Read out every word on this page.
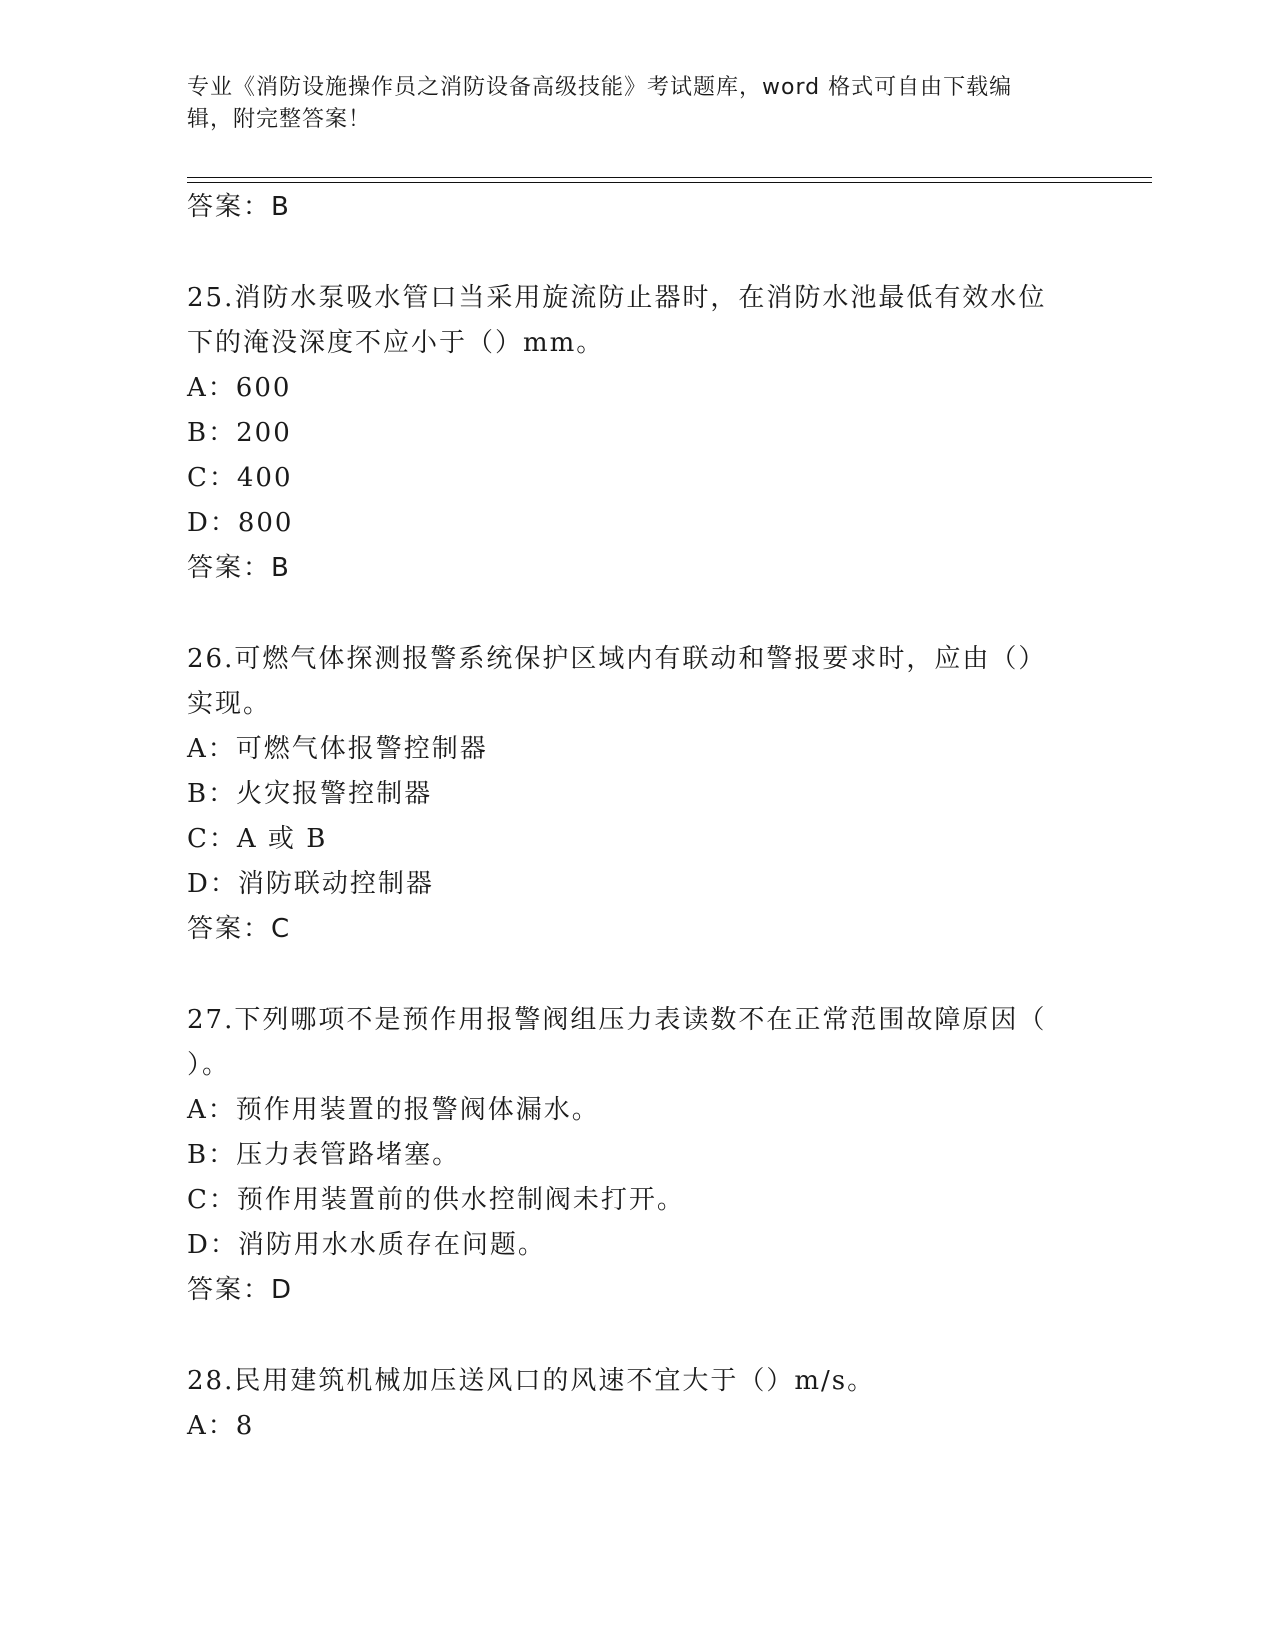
专业《消防设施操作员之消防设备高级技能》考试题库，word 格式可自由下载编
辑，附完整答案！
答案：B
25.消防水泵吸水管口当采用旋流防止器时，在消防水池最低有效水位
下的淹没深度不应小于（）mm。
A：600
B：200
C：400
D：800
答案：B
26.可燃气体探测报警系统保护区域内有联动和警报要求时，应由（）
实现。
A：可燃气体报警控制器
B：火灾报警控制器
C：A 或 B
D：消防联动控制器
答案：C
27.下列哪项不是预作用报警阀组压力表读数不在正常范围故障原因（
）。
A：预作用装置的报警阀体漏水。
B：压力表管路堵塞。
C：预作用装置前的供水控制阀未打开。
D：消防用水水质存在问题。
答案：D
28.民用建筑机械加压送风口的风速不宜大于（）m/s。
A：8
